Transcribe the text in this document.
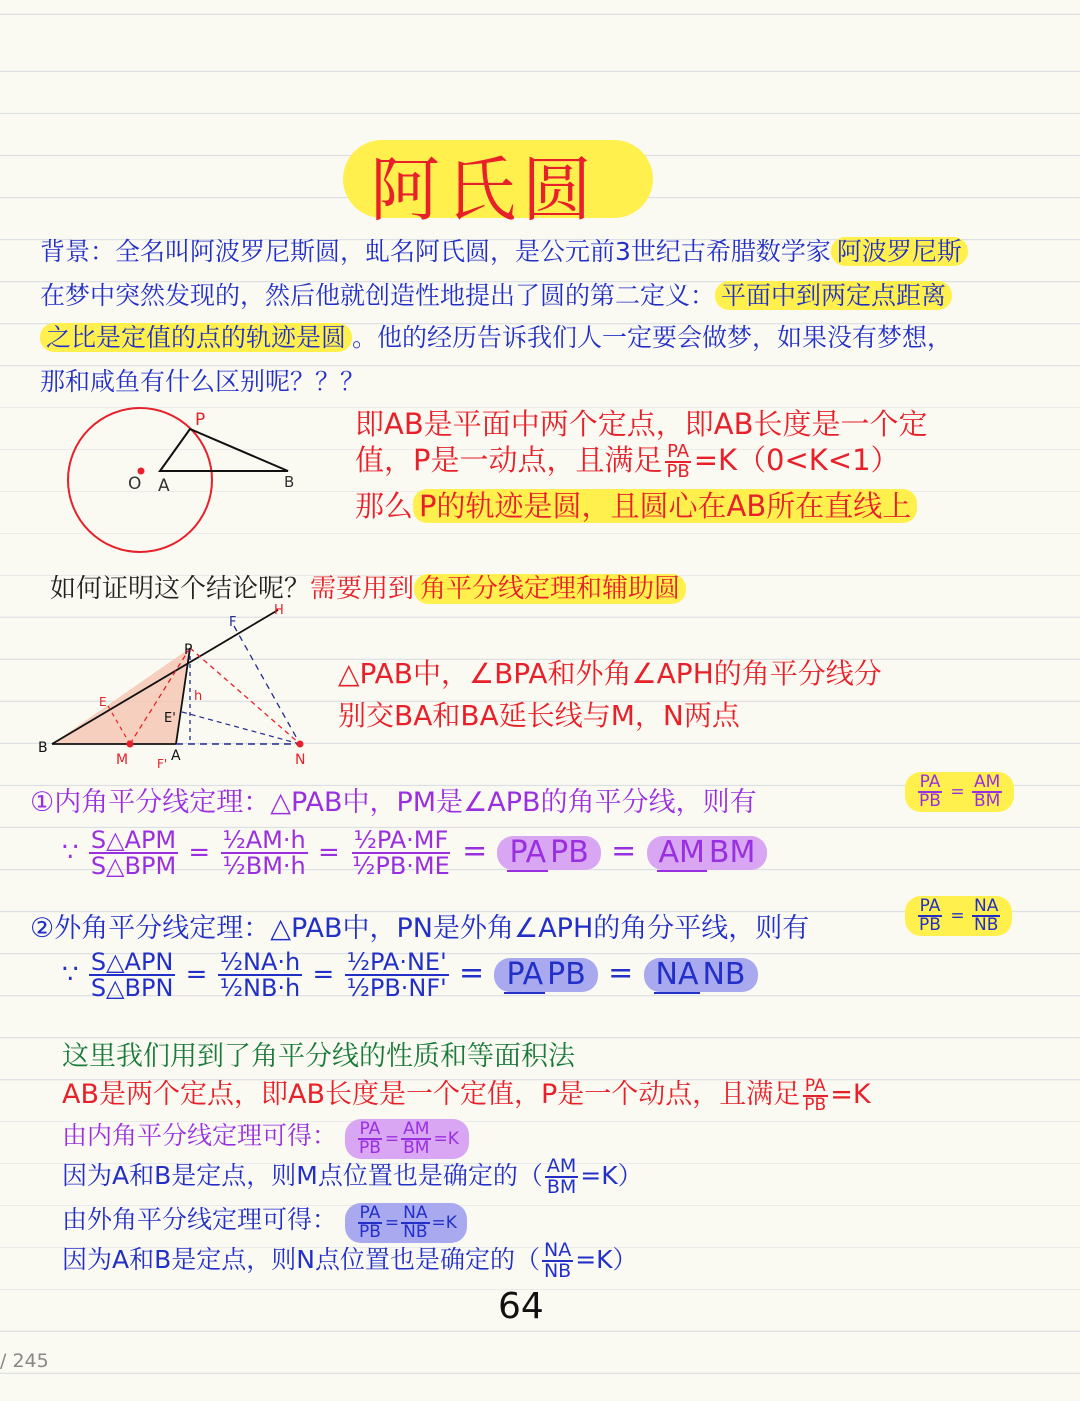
阿氏圆
背景：全名叫阿波罗尼斯圆，虬名阿氏圆，是公元前3世纪古希腊数学家 阿波罗尼斯
在梦中突然发现的，然后他就创造性地提出了圆的第二定义： 平面中到两定点距离
之比是定值的点的轨迹是圆 。他的经历告诉我们人一定要会做梦，如果没有梦想，
那和咸鱼有什么区别呢？？？
P
O A	B
即AB是平面中两个定点，即AB长度是一个定
值，P是一动点，且满足 $\frac{PA}{PB} =K(0<K<1)$
那么 P的轨迹是圆，且圆心在AB所在直线上
如何证明这个结论呢？需要用到 角平分线定理和辅助圆
H
F
P
E
E'
h
B
M F' A	N
△PAB中，∠BPA和外角∠APH的角平分线分
别交BA和BA延长线与M，N两点
①内角平分线定理：△PAB中，PM是∠APB的角平分线，则有	$\frac{PA}{PB} = \frac{AM}{BM}$
∵ $\frac{\text{S△APM}}{\text{S△BPM}} = \frac{\text{½AM·h}}{\text{½BM·h}} = \frac{\text{½PA·MF}}{\text{½PB·ME}}$ = PA PB = AM BM
②外角平分线定理：△PAB中，PN是外角∠APH的角分平线，则有	$\frac{PA}{PB} = \frac{NA}{NB}$
∵ $\frac{\text{S△APN}}{\text{S△BPN}} = \frac{\text{½NA·h}}{\text{½NB·h}} = \frac{\text{½PA·NE'}}{\text{½PB·NF'}}$ = PA PB = NA NB
这里我们用到了角平分线的性质和等面积法
AB是两个定点，即AB长度是一个定值，P是一个动点，且满足 $\frac{PA}{PB} =K$
由内角平分线定理可得： $\frac{PA}{PB} = \frac{AM}{BM} =K$
因为A和B是定点，则M点位置也是确定的（ $\frac{AM}{BM} =K$）
由外角平分线定理可得： $\frac{PA}{PB} = \frac{NA}{NB} =K$
因为A和B是定点，则N点位置也是确定的（ $\frac{NA}{NB} =K$）
64
/ 245
